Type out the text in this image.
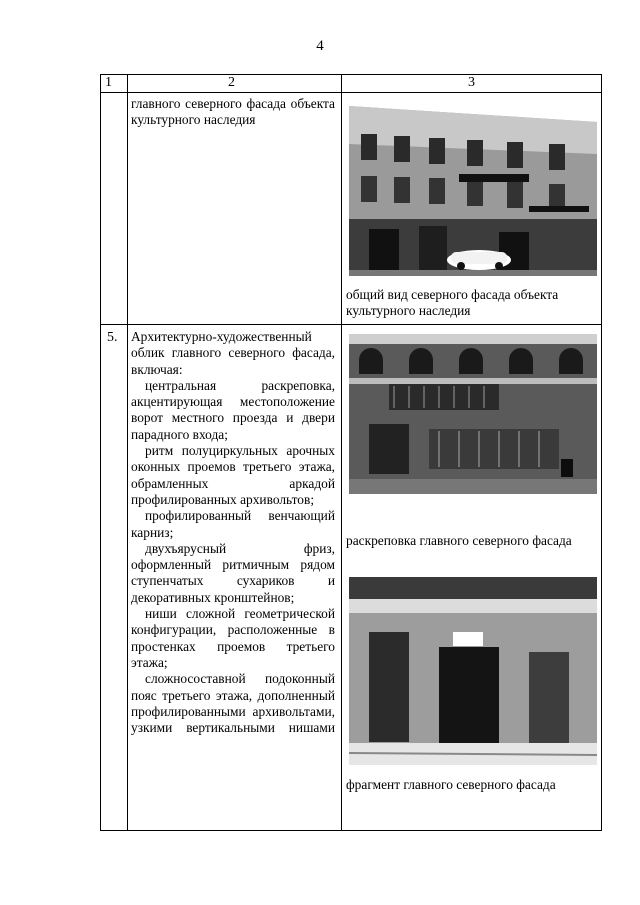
4
1	2	3

главного северного фасада объекта культурного наследия

общий вид северного фасада объекта культурного наследия
5. Архитектурно-художественный облик главного северного фасада, включая:

центральная раскреповка, акцентирующая местоположение ворот местного проезда и двери парадного входа;

ритм полуциркульных арочных оконных проемов третьего этажа, обрамленных аркадой профилированных архивольтов;

профилированный венчающий карниз;

двухъярусный фриз, оформленный ритмичным рядом ступенчатых сухариков и декоративных кронштейнов;

ниши сложной геометрической конфигурации, расположенные в простенках проемов третьего этажа;

сложносоставной подоконный пояс третьего этажа, дополненный профилированными архивольтами, узкими вертикальными нишами

раскреповка главного северного фасада
фрагмент главного северного фасада
